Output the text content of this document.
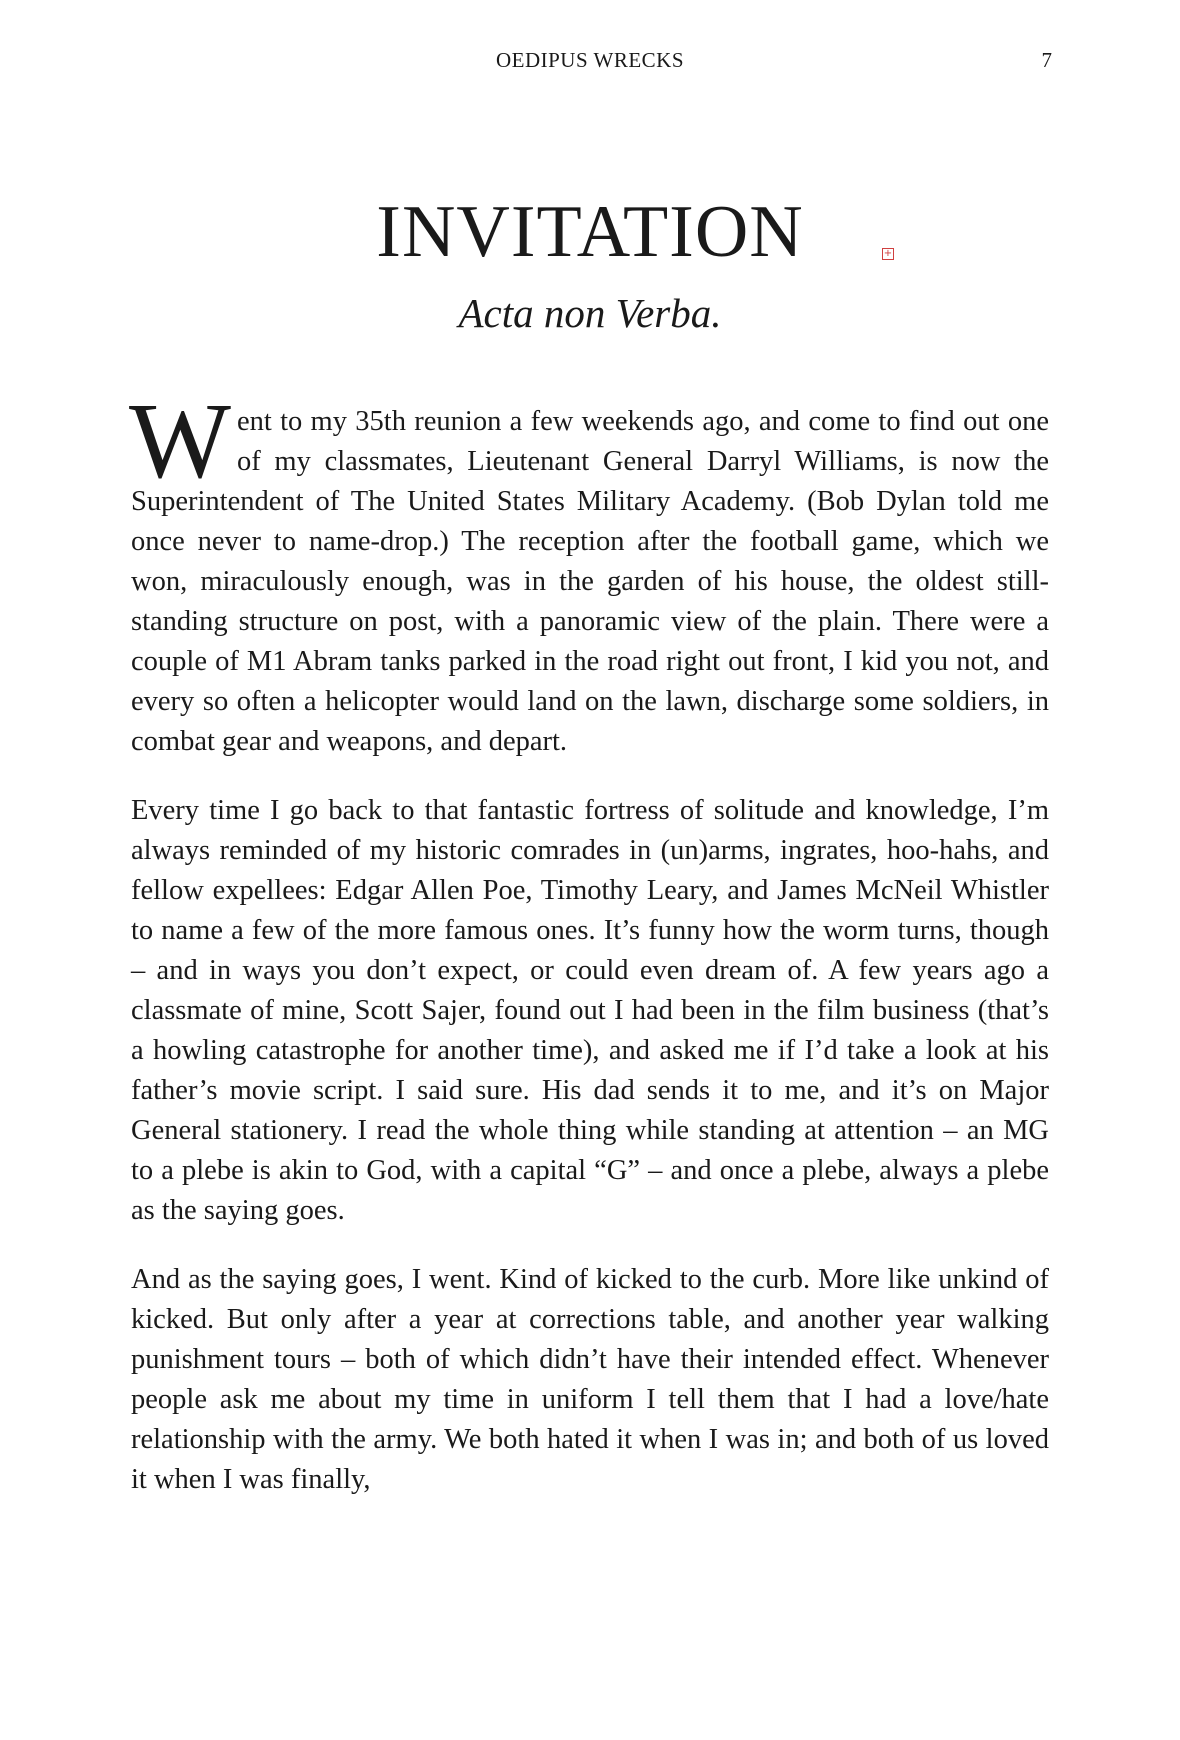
OEDIPUS WRECKS	7
INVITATION	+
Acta non Verba.

Went to my 35th reunion a few weekends ago, and come to find out one of my classmates, Lieutenant General Darryl Williams, is now the Superintendent of The United States Military Academy. (Bob Dylan told me once never to name-drop.) The reception after the football game, which we won, miraculously enough, was in the garden of his house, the oldest still-standing structure on post, with a panoramic view of the plain. There were a couple of M1 Abram tanks parked in the road right out front, I kid you not, and every so often a helicopter would land on the lawn, discharge some soldiers, in combat gear and weapons, and depart.

Every time I go back to that fantastic fortress of solitude and knowledge, I’m always reminded of my historic comrades in (un)arms, ingrates, hoo-hahs, and fellow expellees: Edgar Allen Poe, Timothy Leary, and James McNeil Whistler to name a few of the more famous ones. It’s funny how the worm turns, though – and in ways you don’t expect, or could even dream of. A few years ago a classmate of mine, Scott Sajer, found out I had been in the film business (that’s a howling catastrophe for another time), and asked me if I’d take a look at his father’s movie script. I said sure. His dad sends it to me, and it’s on Major General stationery. I read the whole thing while standing at attention – an MG to a plebe is akin to God, with a capital “G” – and once a plebe, always a plebe as the saying goes.

And as the saying goes, I went. Kind of kicked to the curb. More like unkind of kicked. But only after a year at corrections table, and another year walking punishment tours – both of which didn’t have their intended effect. Whenever people ask me about my time in uniform I tell them that I had a love/hate relationship with the army. We both hated it when I was in; and both of us loved it when I was finally,
